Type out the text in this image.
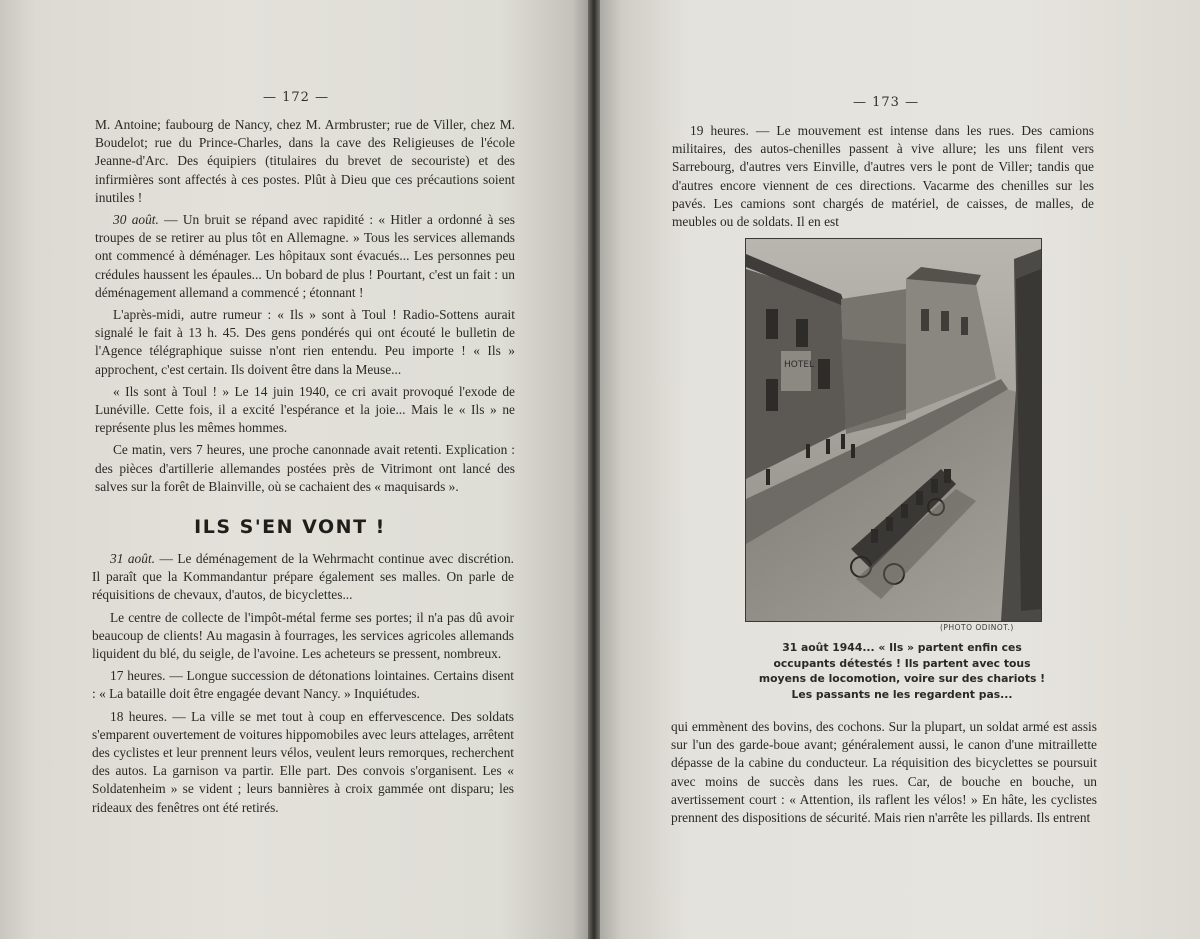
— 172 —

M. Antoine; faubourg de Nancy, chez M. Armbruster; rue de Viller, chez M. Boudelot; rue du Prince-Charles, dans la cave des Religieuses de l'école Jeanne-d'Arc. Des équipiers (titulaires du brevet de secouriste) et des infirmières sont affectés à ces postes. Plût à Dieu que ces précautions soient inutiles !

30 août. — Un bruit se répand avec rapidité : « Hitler a ordonné à ses troupes de se retirer au plus tôt en Allemagne. » Tous les services allemands ont commencé à déménager. Les hôpitaux sont évacués... Les personnes peu crédules haussent les épaules... Un bobard de plus ! Pourtant, c'est un fait : un déménagement allemand a commencé ; étonnant !

L'après-midi, autre rumeur : « Ils » sont à Toul ! Radio-Sottens aurait signalé le fait à 13 h. 45. Des gens pondérés qui ont écouté le bulletin de l'Agence télégraphique suisse n'ont rien entendu. Peu importe ! « Ils » approchent, c'est certain. Ils doivent être dans la Meuse...

« Ils sont à Toul ! » Le 14 juin 1940, ce cri avait provoqué l'exode de Lunéville. Cette fois, il a excité l'espérance et la joie... Mais le « Ils » ne représente plus les mêmes hommes.

Ce matin, vers 7 heures, une proche canonnade avait retenti. Explication : des pièces d'artillerie allemandes postées près de Vitrimont ont lancé des salves sur la forêt de Blainville, où se cachaient des « maquisards ».

ILS S'EN VONT !

31 août. — Le déménagement de la Wehrmacht continue avec discrétion. Il paraît que la Kommandantur prépare également ses malles. On parle de réquisitions de chevaux, d'autos, de bicyclettes...

Le centre de collecte de l'impôt-métal ferme ses portes; il n'a pas dû avoir beaucoup de clients! Au magasin à fourrages, les services agricoles allemands liquident du blé, du seigle, de l'avoine. Les acheteurs se pressent, nombreux.

17 heures. — Longue succession de détonations lointaines. Certains disent : « La bataille doit être engagée devant Nancy. » Inquiétudes.

18 heures. — La ville se met tout à coup en effervescence. Des soldats s'emparent ouvertement de voitures hippomobiles avec leurs attelages, arrêtent des cyclistes et leur prennent leurs vélos, veulent leurs remorques, recherchent des autos. La garnison va partir. Elle part. Des convois s'organisent. Les « Soldatenheim » se vident ; leurs bannières à croix gammée ont disparu; les rideaux des fenêtres ont été retirés.

— 173 —

19 heures. — Le mouvement est intense dans les rues. Des camions militaires, des autos-chenilles passent à vive allure; les uns filent vers Sarrebourg, d'autres vers Einville, d'autres vers le pont de Viller; tandis que d'autres encore viennent de ces directions. Vacarme des chenilles sur les pavés. Les camions sont chargés de matériel, de caisses, de malles, de meubles ou de soldats. Il en est

HOTEL
(PHOTO ODINOT.)
31 août 1944... « Ils » partent enfin ces occupants détestés ! Ils partent avec tous moyens de locomotion, voire sur des chariots ! Les passants ne les regardent pas...

qui emmènent des bovins, des cochons. Sur la plupart, un soldat armé est assis sur l'un des garde-boue avant; généralement aussi, le canon d'une mitraillette dépasse de la cabine du conducteur. La réquisition des bicyclettes se poursuit avec moins de succès dans les rues. Car, de bouche en bouche, un avertissement court : « Attention, ils raflent les vélos! » En hâte, les cyclistes prennent des dispositions de sécurité. Mais rien n'arrête les pillards. Ils entrent
